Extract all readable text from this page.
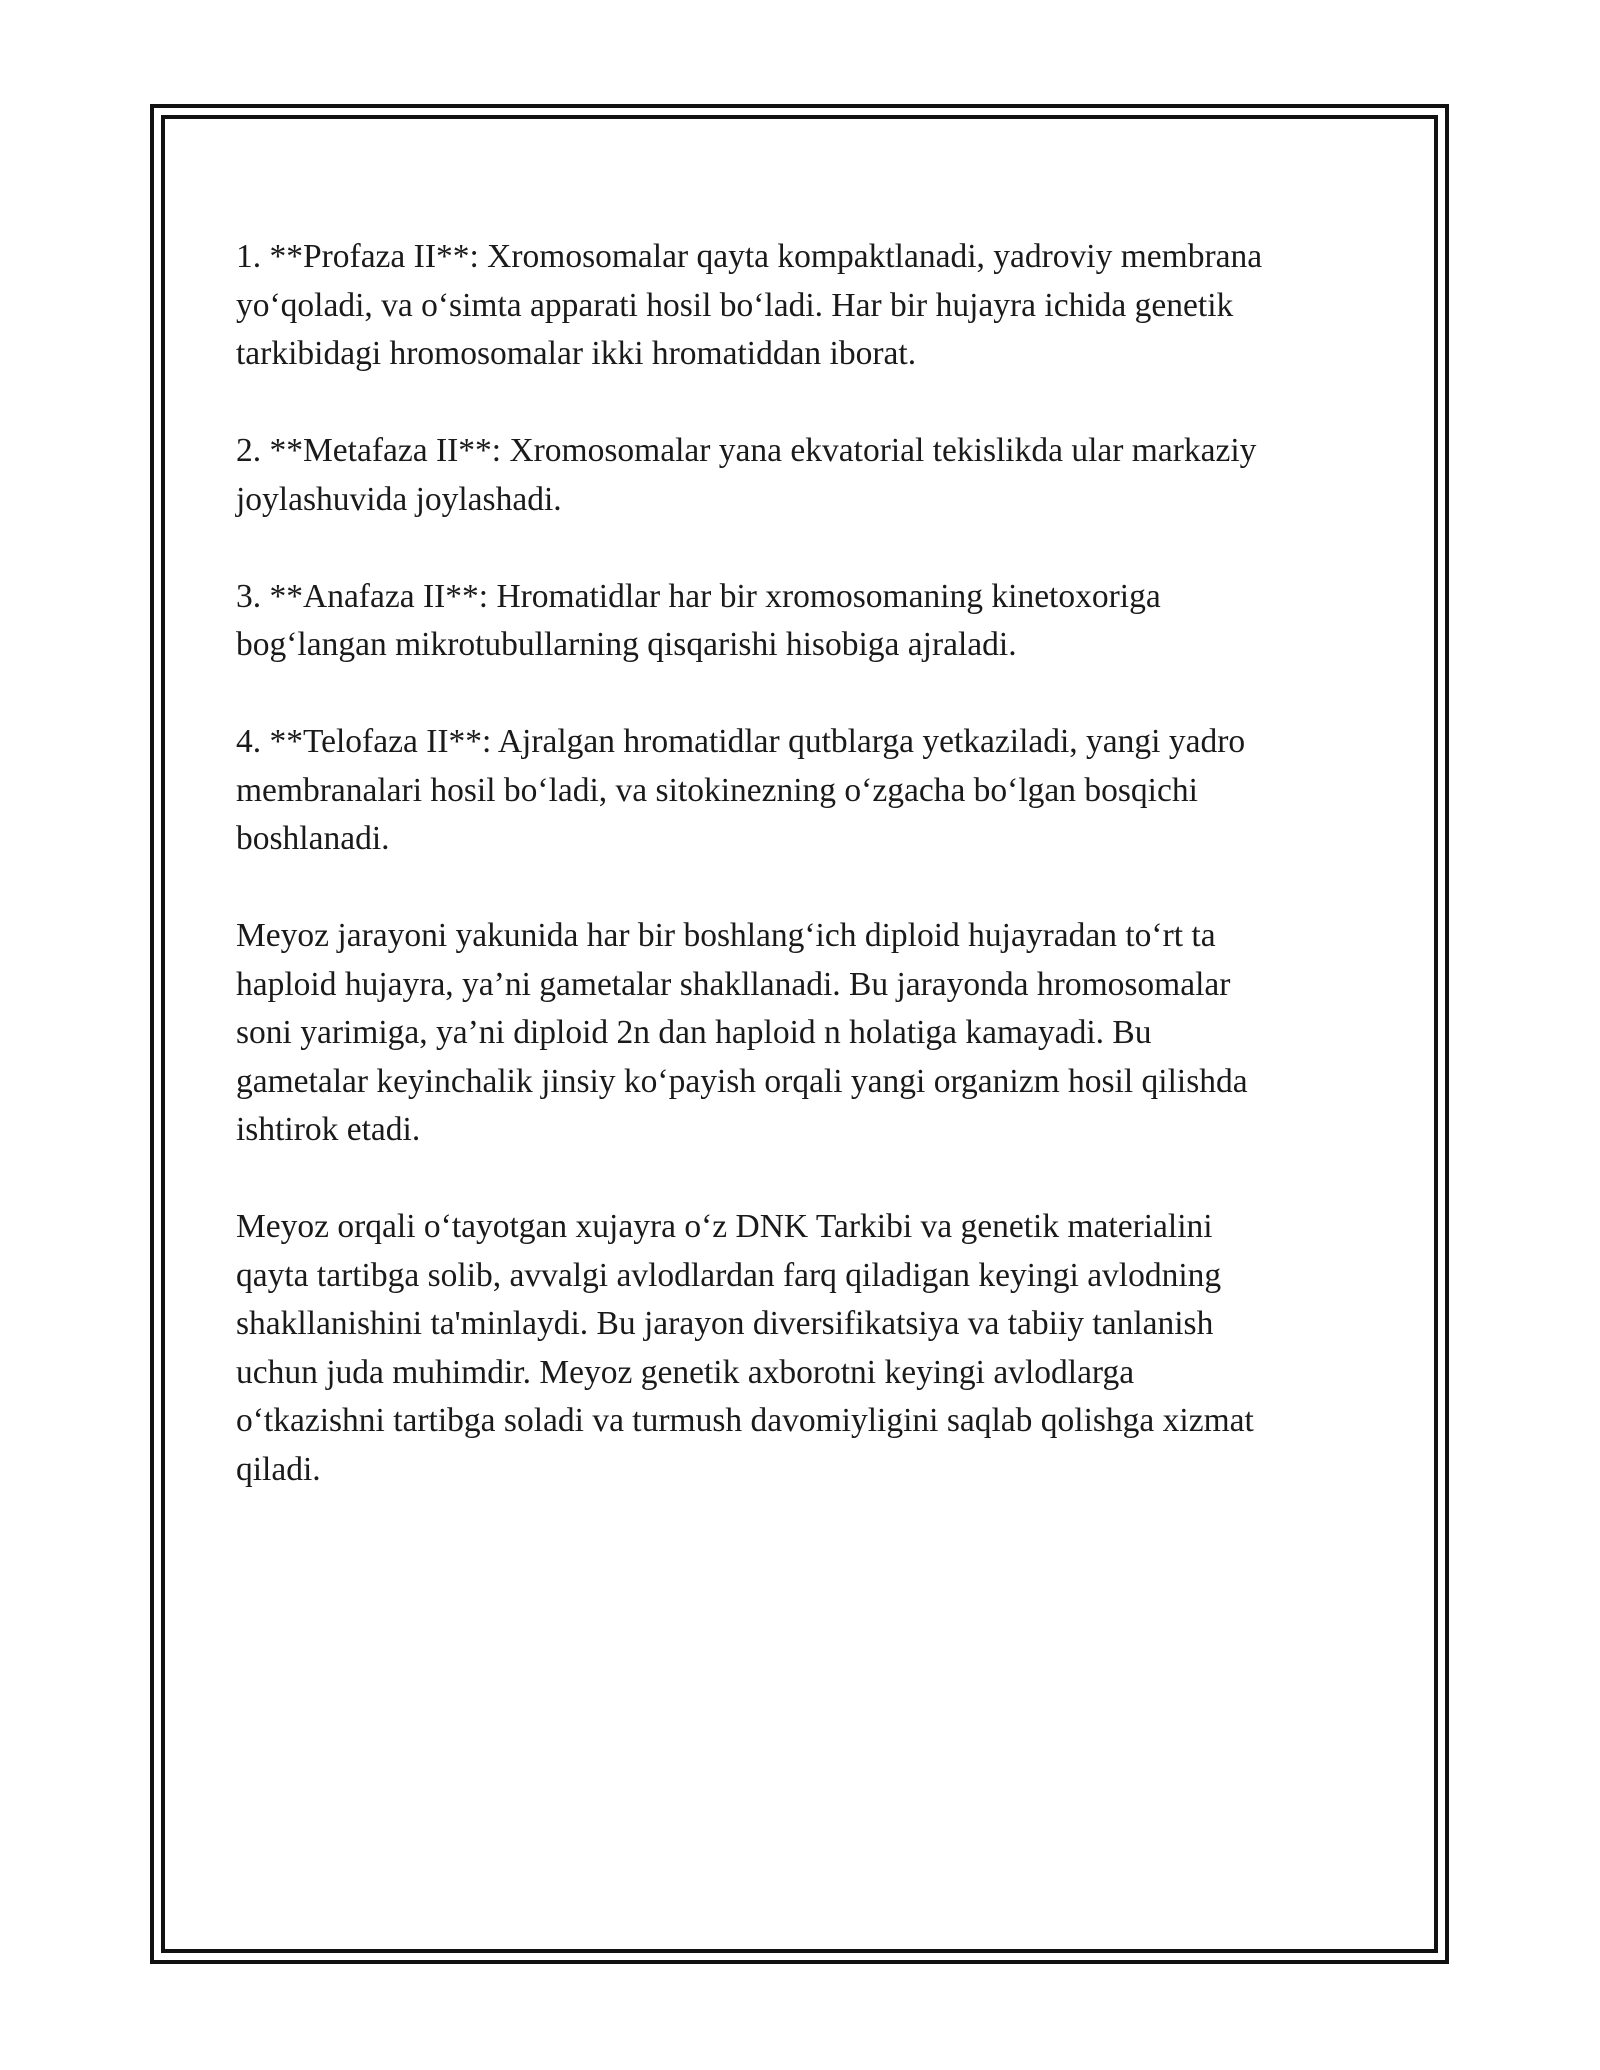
1. **Profaza II**: Xromosomalar qayta kompaktlanadi, yadroviy membrana
yo‘qoladi, va o‘simta apparati hosil bo‘ladi. Har bir hujayra ichida genetik
tarkibidagi hromosomalar ikki hromatiddan iborat.

2. **Metafaza II**: Xromosomalar yana ekvatorial tekislikda ular markaziy
joylashuvida joylashadi.

3. **Anafaza II**: Hromatidlar har bir xromosomaning kinetoxoriga
bog‘langan mikrotubullarning qisqarishi hisobiga ajraladi.

4. **Telofaza II**: Ajralgan hromatidlar qutblarga yetkaziladi, yangi yadro
membranalari hosil bo‘ladi, va sitokinezning o‘zgacha bo‘lgan bosqichi
boshlanadi.

Meyoz jarayoni yakunida har bir boshlang‘ich diploid hujayradan to‘rt ta
haploid hujayra, ya’ni gametalar shakllanadi. Bu jarayonda hromosomalar
soni yarimiga, ya’ni diploid 2n dan haploid n holatiga kamayadi. Bu
gametalar keyinchalik jinsiy ko‘payish orqali yangi organizm hosil qilishda
ishtirok etadi.

Meyoz orqali o‘tayotgan xujayra o‘z DNK Tarkibi va genetik materialini
qayta tartibga solib, avvalgi avlodlardan farq qiladigan keyingi avlodning
shakllanishini ta'minlaydi. Bu jarayon diversifikatsiya va tabiiy tanlanish
uchun juda muhimdir. Meyoz genetik axborotni keyingi avlodlarga
o‘tkazishni tartibga soladi va turmush davomiyligini saqlab qolishga xizmat
qiladi.
